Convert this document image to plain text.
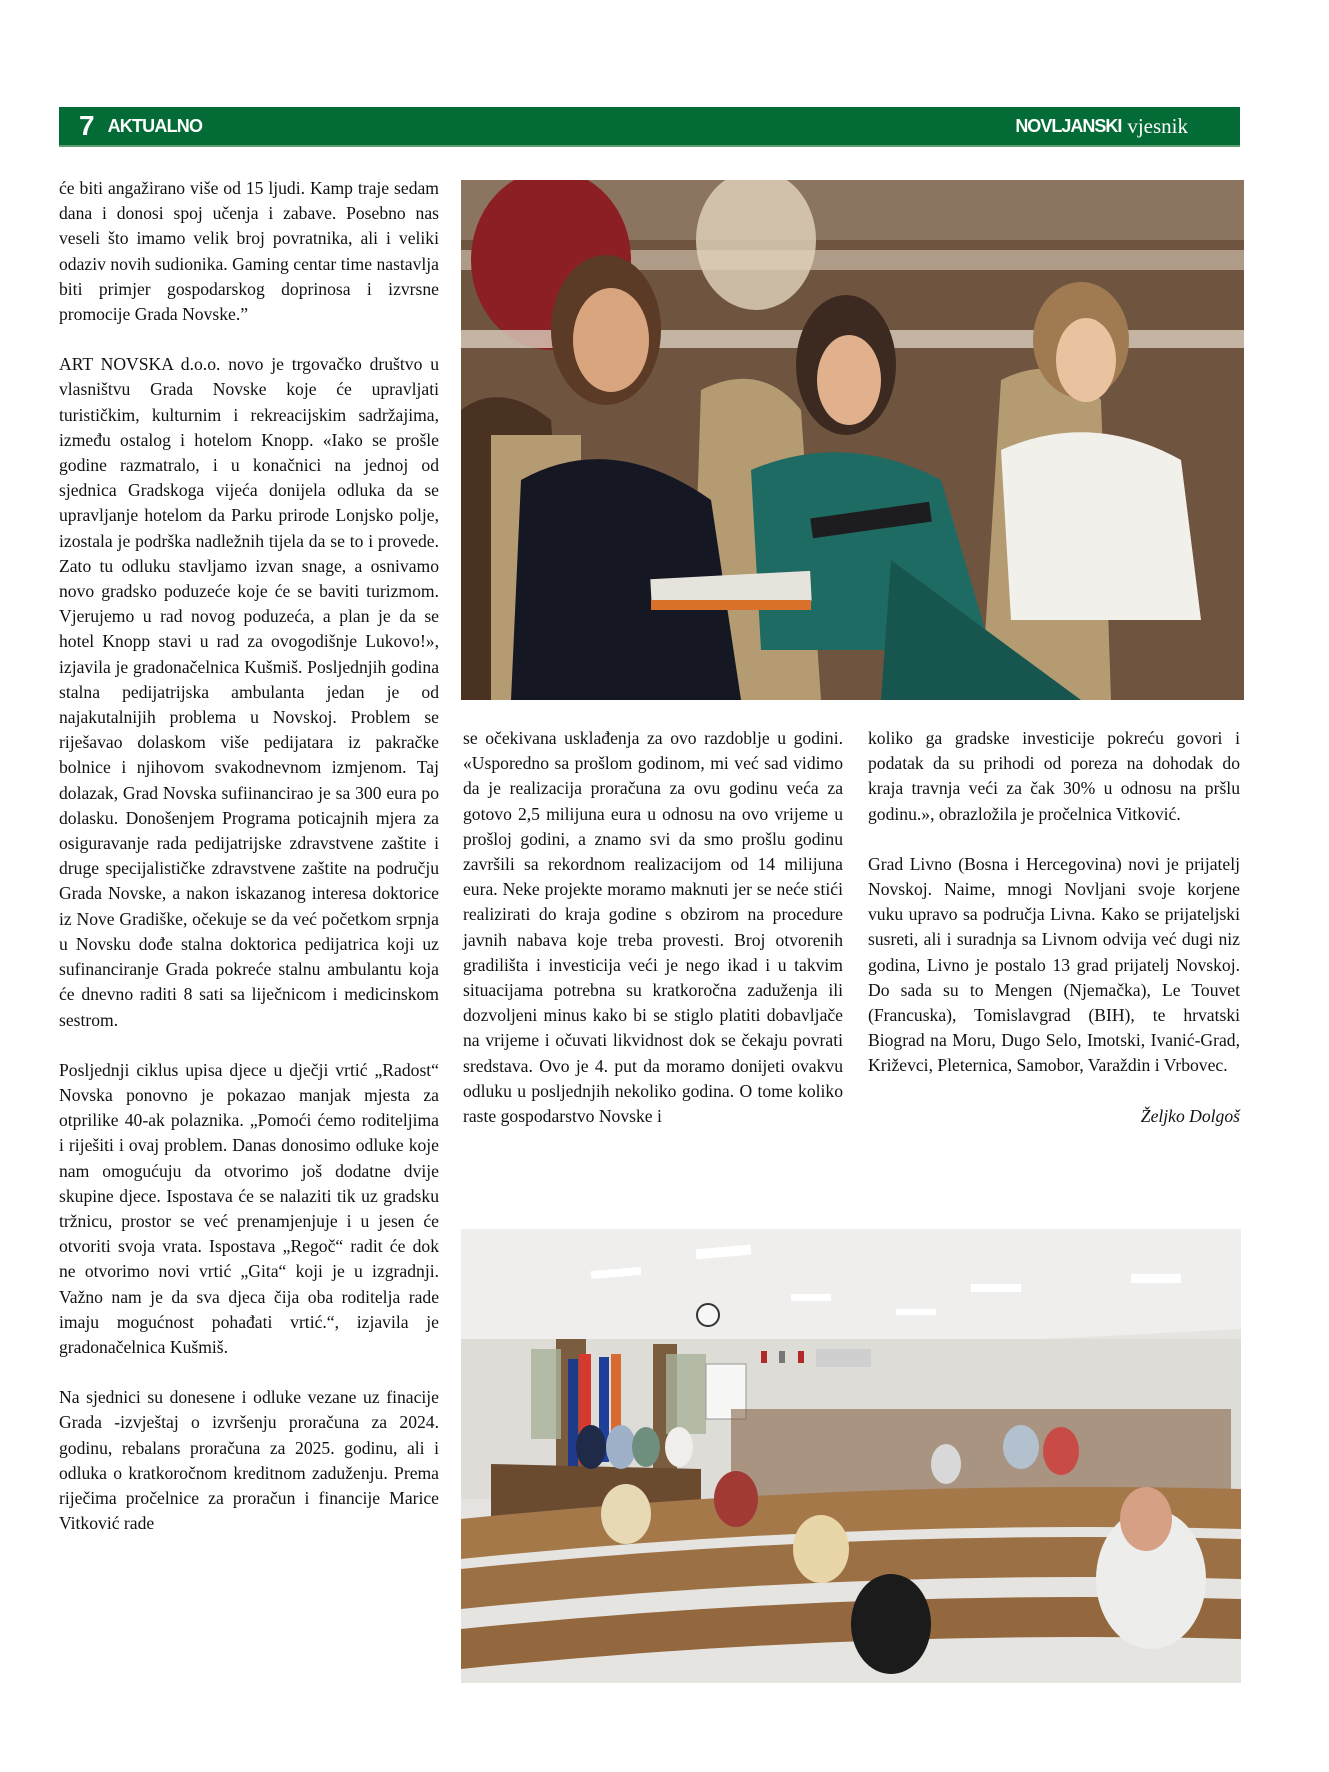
7 AKTUALNO	NOVLJANSKI vjesnik

će biti angažirano više od 15 ljudi. Kamp traje sedam dana i donosi spoj učenja i zabave. Posebno nas veseli što imamo velik broj povratnika, ali i veliki odaziv novih sudionika. Gaming centar time nastavlja biti primjer gospodarskog doprinosa i izvrsne promocije Grada Novske.”

ART NOVSKA d.o.o. novo je trgovačko društvo u vlasništvu Grada Novske koje će upravljati turističkim, kulturnim i rekreacijskim sadržajima, između ostalog i hotelom Knopp. «Iako se prošle godine razmatralo, i u konačnici na jednoj od sjednica Gradskoga vijeća donijela odluka da se upravljanje hotelom da Parku prirode Lonjsko polje, izostala je podrška nadležnih tijela da se to i provede. Zato tu odluku stavljamo izvan snage, a osnivamo novo gradsko poduzeće koje će se baviti turizmom. Vjerujemo u rad novog poduzeća, a plan je da se hotel Knopp stavi u rad za ovogodišnje Lukovo!», izjavila je gradonačelnica Kušmiš. Posljednjih godina stalna pedijatrijska ambulanta jedan je od najakutalnijih problema u Novskoj. Problem se riješavao dolaskom više pedijatara iz pakračke bolnice i njihovom svakodnevnom izmjenom. Taj dolazak, Grad Novska sufiinancirao je sa 300 eura po dolasku. Donošenjem Programa poticajnih mjera za osiguravanje rada pedijatrijske zdravstvene zaštite i druge specijalističke zdravstvene zaštite na području Grada Novske, a nakon iskazanog interesa doktorice iz Nove Gradiške, očekuje se da već početkom srpnja u Novsku dođe stalna doktorica pedijatrica koji uz sufinanciranje Grada pokreće stalnu ambulantu koja će dnevno raditi 8 sati sa liječnicom i medicinskom sestrom.

Posljednji ciklus upisa djece u dječji vrtić „Radost“ Novska ponovno je pokazao manjak mjesta za otprilike 40-ak polaznika. „Pomoći ćemo roditeljima i riješiti i ovaj problem. Danas donosimo odluke koje nam omogućuju da otvorimo još dodatne dvije skupine djece. Ispostava će se nalaziti tik uz gradsku tržnicu, prostor se već prenamjenjuje i u jesen će otvoriti svoja vrata. Ispostava „Regoč“ radit će dok ne otvorimo novi vrtić „Gita“ koji je u izgradnji. Važno nam je da sva djeca čija oba roditelja rade imaju mogućnost pohađati vrtić.“, izjavila je gradonačelnica Kušmiš.

Na sjednici su donesene i odluke vezane uz finacije Grada -izvještaj o izvršenju proračuna za 2024. godinu, rebalans proračuna za 2025. godinu, ali i odluka o kratkoročnom kreditnom zaduženju. Prema riječima pročelnice za proračun i financije Marice Vitković rade

se očekivana usklađenja za ovo razdoblje u godini. «Usporedno sa prošlom godinom, mi već sad vidimo da je realizacija proračuna za ovu godinu veća za gotovo 2,5 milijuna eura u odnosu na ovo vrijeme u prošloj godini, a znamo svi da smo prošlu godinu završili sa rekordnom realizacijom od 14 milijuna eura. Neke projekte moramo maknuti jer se neće stići realizirati do kraja godine s obzirom na procedure javnih nabava koje treba provesti. Broj otvorenih gradilišta i investicija veći je nego ikad i u takvim situacijama potrebna su kratkoročna zaduženja ili dozvoljeni minus kako bi se stiglo platiti dobavljače na vrijeme i očuvati likvidnost dok se čekaju povrati sredstava. Ovo je 4. put da moramo donijeti ovakvu odluku u posljednjih nekoliko godina. O tome koliko raste gospodarstvo Novske i

koliko ga gradske investicije pokreću govori i podatak da su prihodi od poreza na dohodak do kraja travnja veći za čak 30% u odnosu na pršlu godinu.», obrazložila je pročelnica Vitković.

Grad Livno (Bosna i Hercegovina) novi je prijatelj Novskoj. Naime, mnogi Novljani svoje korjene vuku upravo sa područja Livna. Kako se prijateljski susreti, ali i suradnja sa Livnom odvija već dugi niz godina, Livno je postalo 13 grad prijatelj Novskoj. Do sada su to Mengen (Njemačka), Le Touvet (Francuska), Tomislavgrad (BIH), te hrvatski Biograd na Moru, Dugo Selo, Imotski, Ivanić-Grad, Križevci, Pleternica, Samobor, Varaždin i Vrbovec.

Željko Dolgoš
